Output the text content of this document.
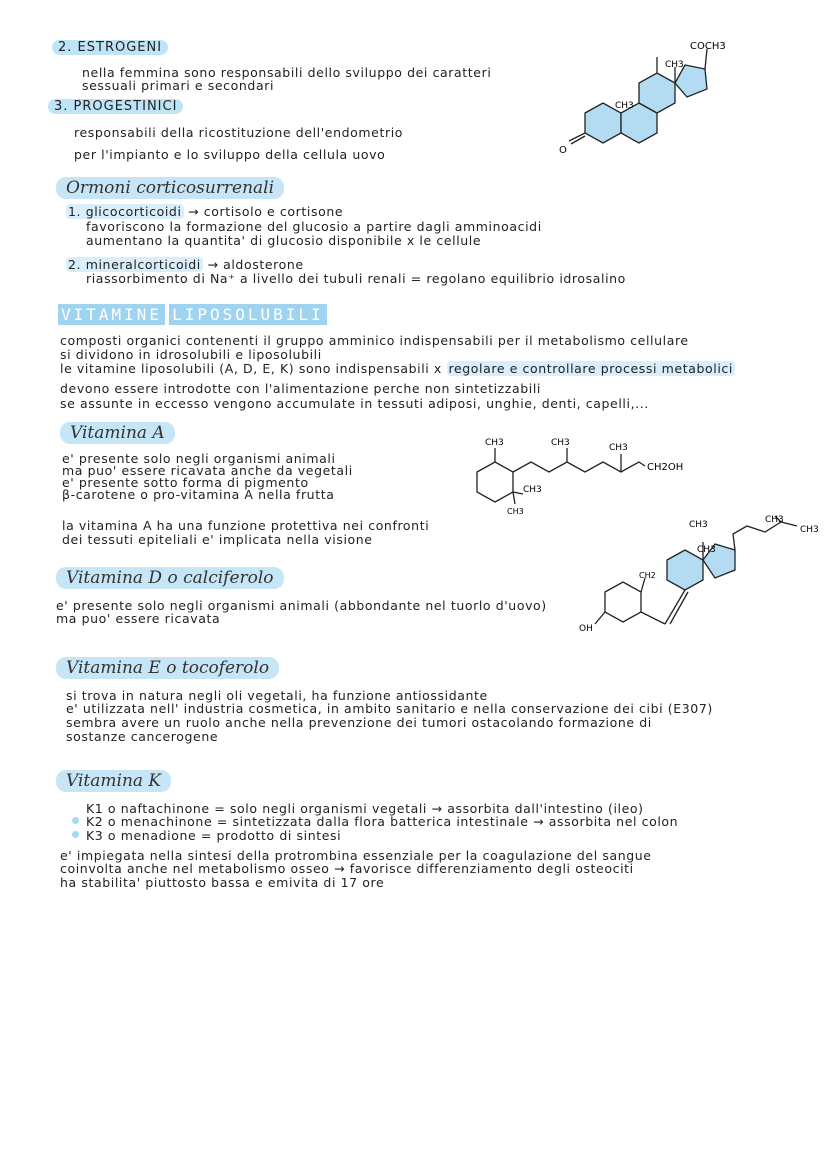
2. ESTROGENI
nella femmina sono responsabili dello sviluppo dei caratteri
sessuali primari e secondari
3. PROGESTINICI
responsabili della ricostituzione dell'endometrio
per l'impianto e lo sviluppo della cellula uovo	O
CH3
CH3
COCH3
Ormoni corticosurrenali
1. glicocorticoidi → cortisolo e cortisone
favoriscono la formazione del glucosio a partire dagli amminoacidi
aumentano la quantita' di glucosio disponibile x le cellule
2. mineralcorticoidi → aldosterone
riassorbimento di Na⁺ a livello dei tubuli renali = regolano equilibrio idrosalino
VITAMINE LIPOSOLUBILI
composti organici contenenti il gruppo amminico indispensabili per il metabolismo cellulare
si dividono in idrosolubili e liposolubili
le vitamine liposolubili (A, D, E, K) sono indispensabili x regolare e controllare processi metabolici
devono essere introdotte con l'alimentazione perche non sintetizzabili
se assunte in eccesso vengono accumulate in tessuti adiposi, unghie, denti, capelli,...
Vitamina A
e' presente solo negli organismi animali
ma puo' essere ricavata anche da vegetali
e' presente sotto forma di pigmento
β-carotene o pro-vitamina A nella frutta
la vitamina A ha una funzione protettiva nei confronti
dei tessuti epiteliali e' implicata nella visione
CH3	CH3	CH3
CH3
CH3
CH2OH
Vitamina D o calciferolo
e' presente solo negli organismi animali (abbondante nel tuorlo d'uovo)
ma puo' essere ricavata
OH
CH2
CH3
CH3	CH3
CH3
Vitamina E o tocoferolo
si trova in natura negli oli vegetali, ha funzione antiossidante
e' utilizzata nell' industria cosmetica, in ambito sanitario e nella conservazione dei cibi (E307)
sembra avere un ruolo anche nella prevenzione dei tumori ostacolando formazione di
sostanze cancerogene
Vitamina K
K1 o naftachinone = solo negli organismi vegetali → assorbita dall'intestino (ileo)
K2 o menachinone = sintetizzata dalla flora batterica intestinale → assorbita nel colon
K3 o menadione = prodotto di sintesi
e' impiegata nella sintesi della protrombina essenziale per la coagulazione del sangue
coinvolta anche nel metabolismo osseo → favorisce differenziamento degli osteociti
ha stabilita' piuttosto bassa e emivita di 17 ore
